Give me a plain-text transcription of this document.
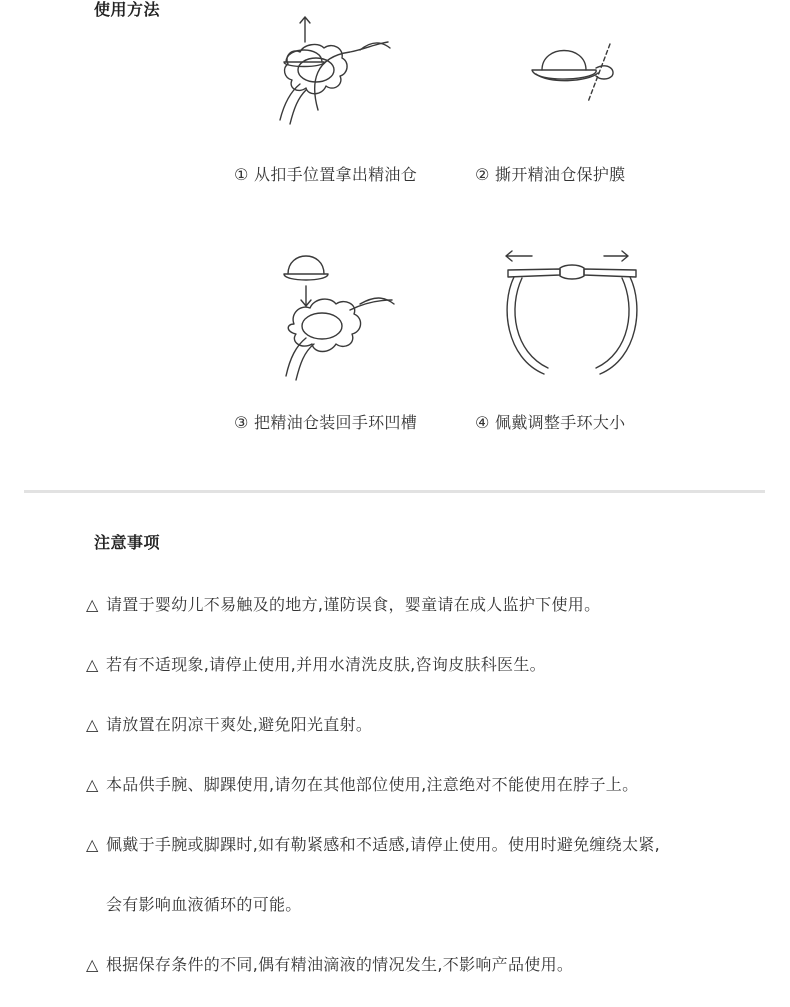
使用方法
① 从扣手位置拿出精油仓	② 撕开精油仓保护膜
③ 把精油仓装回手环凹槽	④ 佩戴调整手环大小
注意事项
△ 请置于婴幼儿不易触及的地方,谨防误食，婴童请在成人监护下使用。
△ 若有不适现象,请停止使用,并用水清洗皮肤,咨询皮肤科医生。
△ 请放置在阴凉干爽处,避免阳光直射。
△ 本品供手腕、脚踝使用,请勿在其他部位使用,注意绝对不能使用在脖子上。
△ 佩戴于手腕或脚踝时,如有勒紧感和不适感,请停止使用。使用时避免缠绕太紧,
会有影响血液循环的可能。
△ 根据保存条件的不同,偶有精油滴液的情况发生,不影响产品使用。
